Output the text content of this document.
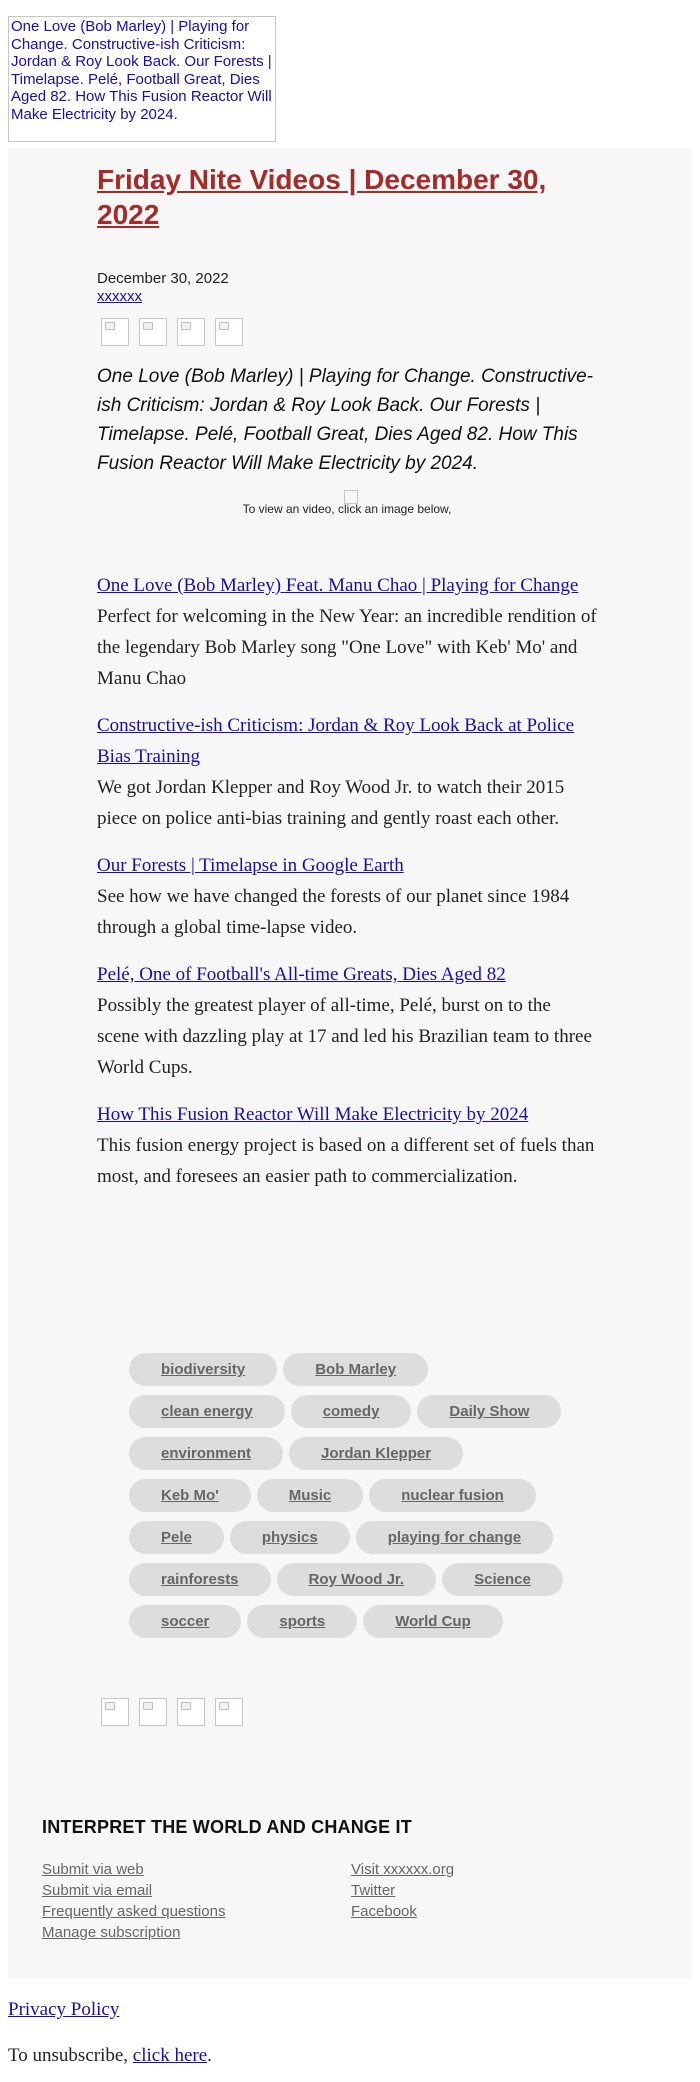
One Love (Bob Marley) | Playing for Change. Constructive-ish Criticism: Jordan & Roy Look Back. Our Forests | Timelapse. Pelé, Football Great, Dies Aged 82. How This Fusion Reactor Will Make Electricity by 2024.
Friday Nite Videos | December 30, 2022
December 30, 2022
xxxxxx
One Love (Bob Marley) | Playing for Change. Constructive-ish Criticism: Jordan & Roy Look Back. Our Forests | Timelapse. Pelé, Football Great, Dies Aged 82. How This Fusion Reactor Will Make Electricity by 2024.
To view an video, click an image below,
One Love (Bob Marley) Feat. Manu Chao | Playing for Change
Perfect for welcoming in the New Year: an incredible rendition of the legendary Bob Marley song "One Love" with Keb' Mo' and Manu Chao
Constructive-ish Criticism: Jordan & Roy Look Back at Police Bias Training
We got Jordan Klepper and Roy Wood Jr. to watch their 2015 piece on police anti-bias training and gently roast each other.
Our Forests | Timelapse in Google Earth
See how we have changed the forests of our planet since 1984 through a global time-lapse video.
Pelé, One of Football's All-time Greats, Dies Aged 82
Possibly the greatest player of all-time, Pelé, burst on to the scene with dazzling play at 17 and led his Brazilian team to three World Cups.
How This Fusion Reactor Will Make Electricity by 2024
This fusion energy project is based on a different set of fuels than most, and foresees an easier path to commercialization.
biodiversity	Bob Marley
clean energy	comedy	Daily Show
environment	Jordan Klepper
Keb Mo'	Music	nuclear fusion
Pele	physics	playing for change
rainforests	Roy Wood Jr.	Science
soccer	sports	World Cup
INTERPRET THE WORLD AND CHANGE IT
Submit via web
Submit via email
Frequently asked questions
Manage subscription
Visit xxxxxx.org
Twitter
Facebook
Privacy Policy
To unsubscribe, click here.
